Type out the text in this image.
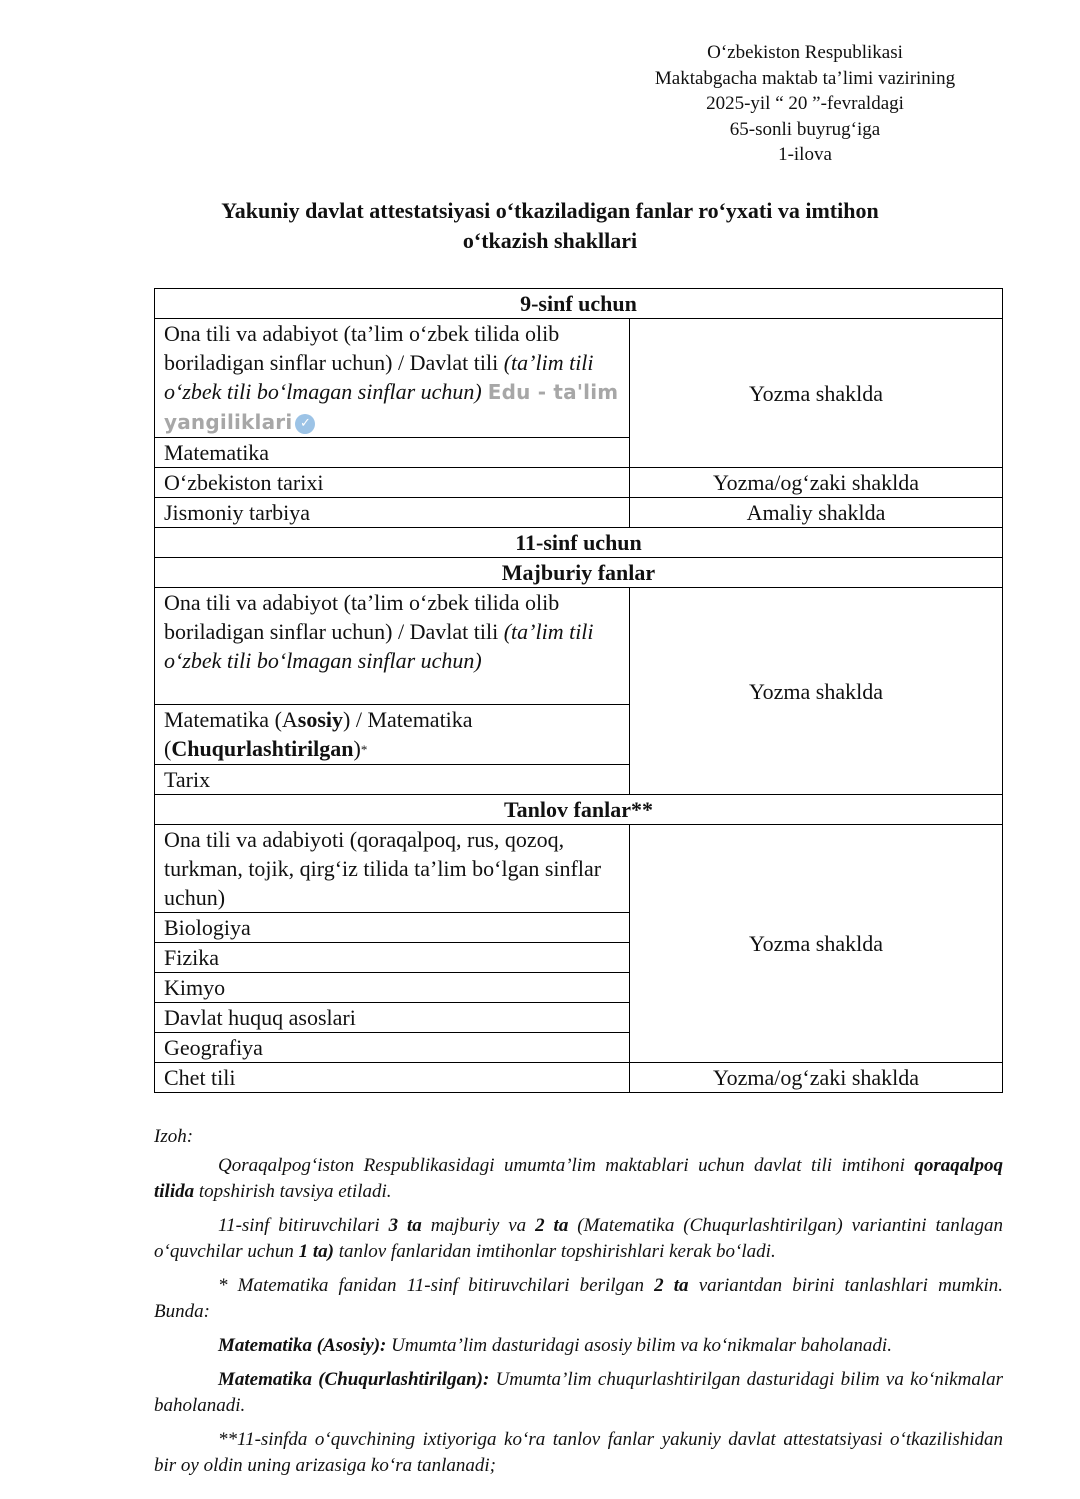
O‘zbekiston Respublikasi
Maktabgacha maktab ta’limi vazirining
2025-yil “ 20 ”-fevraldagi
65-sonli buyrug‘iga
1-ilova
Yakuniy davlat attestatsiyasi o‘tkaziladigan fanlar ro‘yxati va imtihon
o‘tkazish shakllari
9-sinf uchun	
Ona tili va adabiyot (ta’lim o‘zbek tilida olib boriladigan sinflar uchun) / Davlat tili (ta’lim tili o‘zbek tili bo‘lmagan sinflar uchun) Edu - ta'lim yangiliklari ✓	Yozma shaklda
Matematika	
O‘zbekiston tarixi	Yozma/og‘zaki shaklda
Jismoniy tarbiya	Amaliy shaklda
11-sinf uchun	
Majburiy fanlar	
Ona tili va adabiyot (ta’lim o‘zbek tilida olib boriladigan sinflar uchun) / Davlat tili (ta’lim tili o‘zbek tili bo‘lmagan sinflar uchun)	Yozma shaklda
Matematika (Asosiy) / Matematika (Chuqurlashtirilgan)*	
Tarix	
Tanlov fanlar**	
Ona tili va adabiyoti (qoraqalpoq, rus, qozoq, turkman, tojik, qirg‘iz tilida ta’lim bo‘lgan sinflar uchun)	Yozma shaklda
Biologiya	
Fizika	
Kimyo	
Davlat huquq asoslari	
Geografiya	
Chet tili	Yozma/og‘zaki shaklda

Izoh:

Qoraqalpog‘iston Respublikasidagi umumta’lim maktablari uchun davlat tili imtihoni qoraqalpoq tilida topshirish tavsiya etiladi.

11-sinf bitiruvchilari 3 ta majburiy va 2 ta (Matematika (Chuqurlashtirilgan) variantini tanlagan o‘quvchilar uchun 1 ta) tanlov fanlaridan imtihonlar topshirishlari kerak bo‘ladi.

* Matematika fanidan 11-sinf bitiruvchilari berilgan 2 ta variantdan birini tanlashlari mumkin. Bunda:

Matematika (Asosiy): Umumta’lim dasturidagi asosiy bilim va ko‘nikmalar baholanadi.

Matematika (Chuqurlashtirilgan): Umumta’lim chuqurlashtirilgan dasturidagi bilim va ko‘nikmalar baholanadi.

**11-sinfda o‘quvchining ixtiyoriga ko‘ra tanlov fanlar yakuniy davlat attestatsiyasi o‘tkazilishidan bir oy oldin uning arizasiga ko‘ra tanlanadi;
